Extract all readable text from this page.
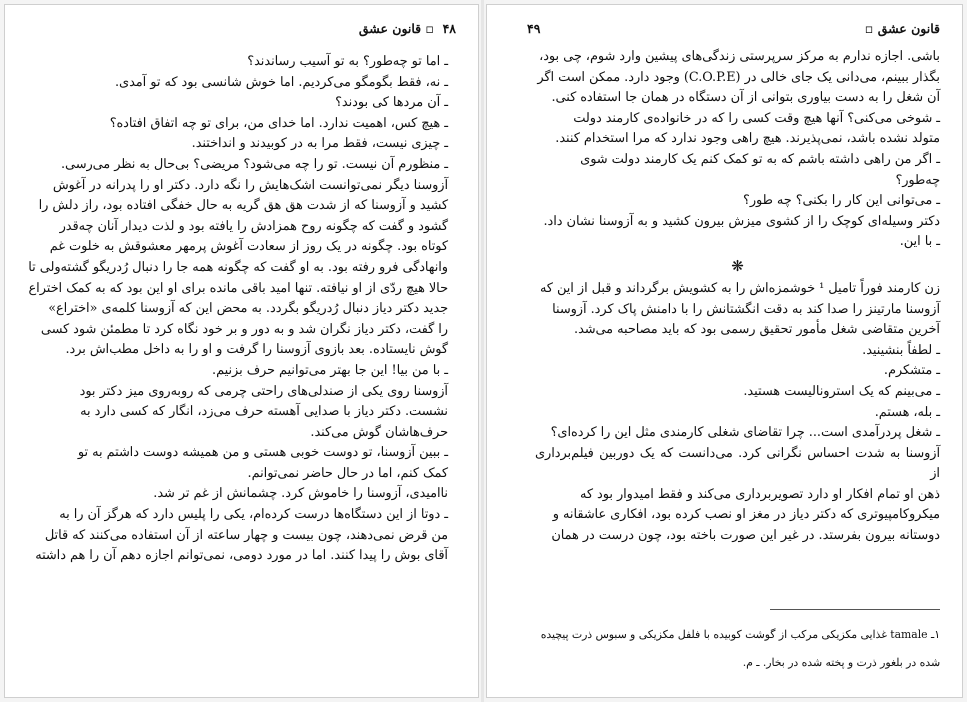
۴۸
▫ قانون عشق

ـ اما تو چه‌طور؟ به تو آسیب رساندند؟

ـ نه، فقط بگومگو می‌کردیم. اما خوش شانسی بود که تو آمدی.

ـ آن مردها کی بودند؟

ـ هیچ کس، اهمیت ندارد. اما خدای من، برای تو چه اتفاق افتاده؟

ـ چیزی نیست، فقط مرا به در کوبیدند و انداختند.

ـ منظورم آن نیست. تو را چه می‌شود؟ مریضی؟ بی‌حال به نظر می‌رسی.

آزوسنا دیگر نمی‌توانست اشک‌هایش را نگه دارد. دکتر او را پدرانه در آغوش

کشید و آزوسنا که از شدت هق هق گریه به حال خفگی افتاده بود، راز دلش را

گشود و گفت که چگونه روح همزادش را یافته بود و لذت دیدار آنان چه‌قدر

کوتاه بود. چگونه در یک روز از سعادت آغوش پرمهر معشوقش به خلوت غم

وانهادگی فرو رفته بود. به او گفت که چگونه همه جا را دنبال رُدریگو گشته‌ولی تا

حالا هیچ ردّی از او نیافته. تنها امید باقی مانده برای او این بود که به کمک اختراع

جدید دکتر دیاز دنبال رُدریگو بگردد. به محض این که آزوسنا کلمه‌ی «اختراع»

را گفت، دکتر دیاز نگران شد و به دور و بر خود نگاه کرد تا مطمئن شود کسی

گوش نایستاده. بعد بازوی آزوسنا را گرفت و او را به داخل مطب‌اش برد.

ـ با من بیا! این جا بهتر می‌توانیم حرف بزنیم.

آزوسنا روی یکی از صندلی‌های راحتی چرمی که روبه‌روی میز دکتر بود

نشست. دکتر دیاز با صدایی آهسته حرف می‌زد، انگار که کسی دارد به

حرف‌هاشان گوش می‌کند.

ـ ببین آزوسنا، تو دوست خوبی هستی و من همیشه دوست داشتم به تو

کمک کنم، اما در حال حاضر نمی‌توانم.

ناامیدی، آزوسنا را خاموش کرد. چشمانش از غم تر شد.

ـ دوتا از این دستگاه‌ها درست کرده‌ام، یکی را پلیس دارد که هرگز آن را به

من قرض نمی‌دهند، چون بیست و چهار ساعته از آن استفاده می‌کنند که قاتل

آقای بوش را پیدا کنند. اما در مورد دومی، نمی‌توانم اجازه دهم آن را هم داشته

قانون عشق ▫
۴۹

باشی. اجازه ندارم به مرکز سرپرستی زندگی‌های پیشین وارد شوم، چی بود،

بگذار ببینم، می‌دانی یک جای خالی در (C.O.P.E) وجود دارد. ممکن است اگر

آن شغل را به دست بیاوری بتوانی از آن دستگاه در همان جا استفاده کنی.

ـ شوخی می‌کنی؟ آنها هیچ وقت کسی را که در خانواده‌ی کارمند دولت

متولد نشده باشد، نمی‌پذیرند. هیچ راهی وجود ندارد که مرا استخدام کنند.

ـ اگر من راهی داشته باشم که به تو کمک کنم یک کارمند دولت شوی

چه‌طور؟

ـ می‌توانی این کار را بکنی؟ چه طور؟

دکتر وسیله‌ای کوچک را از کشوی میزش بیرون کشید و به آزوسنا نشان داد.

ـ با این.

❋

زن کارمند فوراً تامیل ¹ خوشمزه‌اش را به کشویش برگرداند و قبل از این که

آزوسنا مارتینز را صدا کند به دقت انگشتانش را با دامنش پاک کرد. آزوسنا

آخرین متقاضی شغل مأمور تحقیق رسمی بود که باید مصاحبه می‌شد.

ـ لطفاً بنشینید.

ـ متشکرم.

ـ می‌بینم که یک استرونالیست هستید.

ـ بله، هستم.

ـ شغل پردرآمدی است... چرا تقاضای شغلی کارمندی مثل این را کرده‌ای؟

آزوسنا به شدت احساس نگرانی کرد. می‌دانست که یک دوربین فیلم‌برداری از

ذهن او تمام افکار او دارد تصویربرداری می‌کند و فقط امیدوار بود که

میکروکامپیوتری که دکتر دیاز در مغز او نصب کرده بود، افکاری عاشقانه و

دوستانه بیرون بفرستد. در غیر این صورت باخته بود، چون درست در همان

۱ـ tamale غذایی مکزیکی مرکب از گوشت کوبیده با فلفل مکزیکی و سبوس ذرت پیچیده

شده در بلغور ذرت و پخته شده در بخار. ـ م.
